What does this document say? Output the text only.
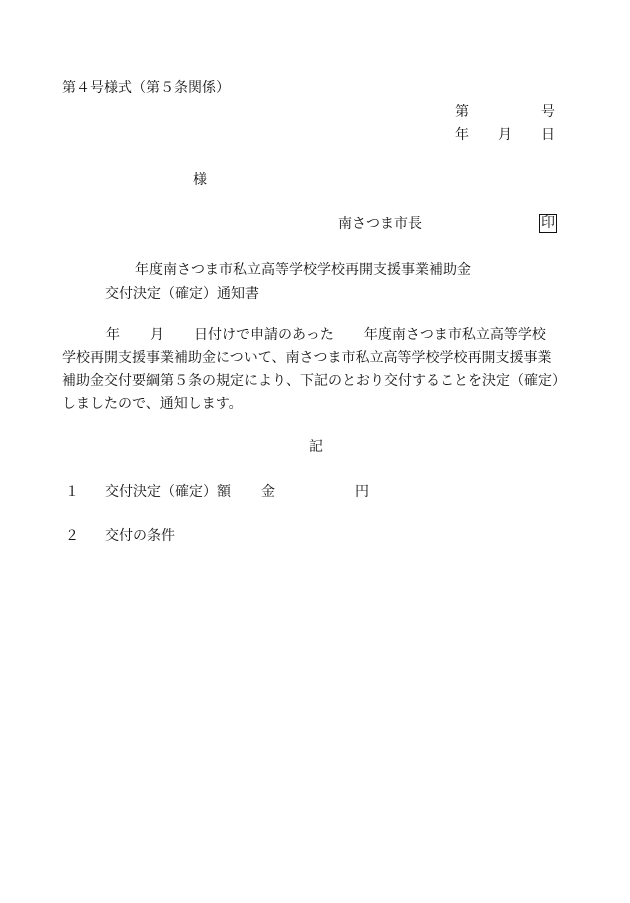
第４号様式（第５条関係）
第	号
年 月 日
様
南さつま市長	印
年度南さつま市私立高等学校学校再開支援事業補助金
交付決定（確定）通知書
年 月 日付けで申請のあった 年度南さつま市私立高等学校
学校再開支援事業補助金について、南さつま市私立高等学校学校再開支援事業
補助金交付要綱第５条の規定により、下記のとおり交付することを決定（確定）
しましたので、通知します。
記
１ 交付決定（確定）額 金	円
２ 交付の条件
